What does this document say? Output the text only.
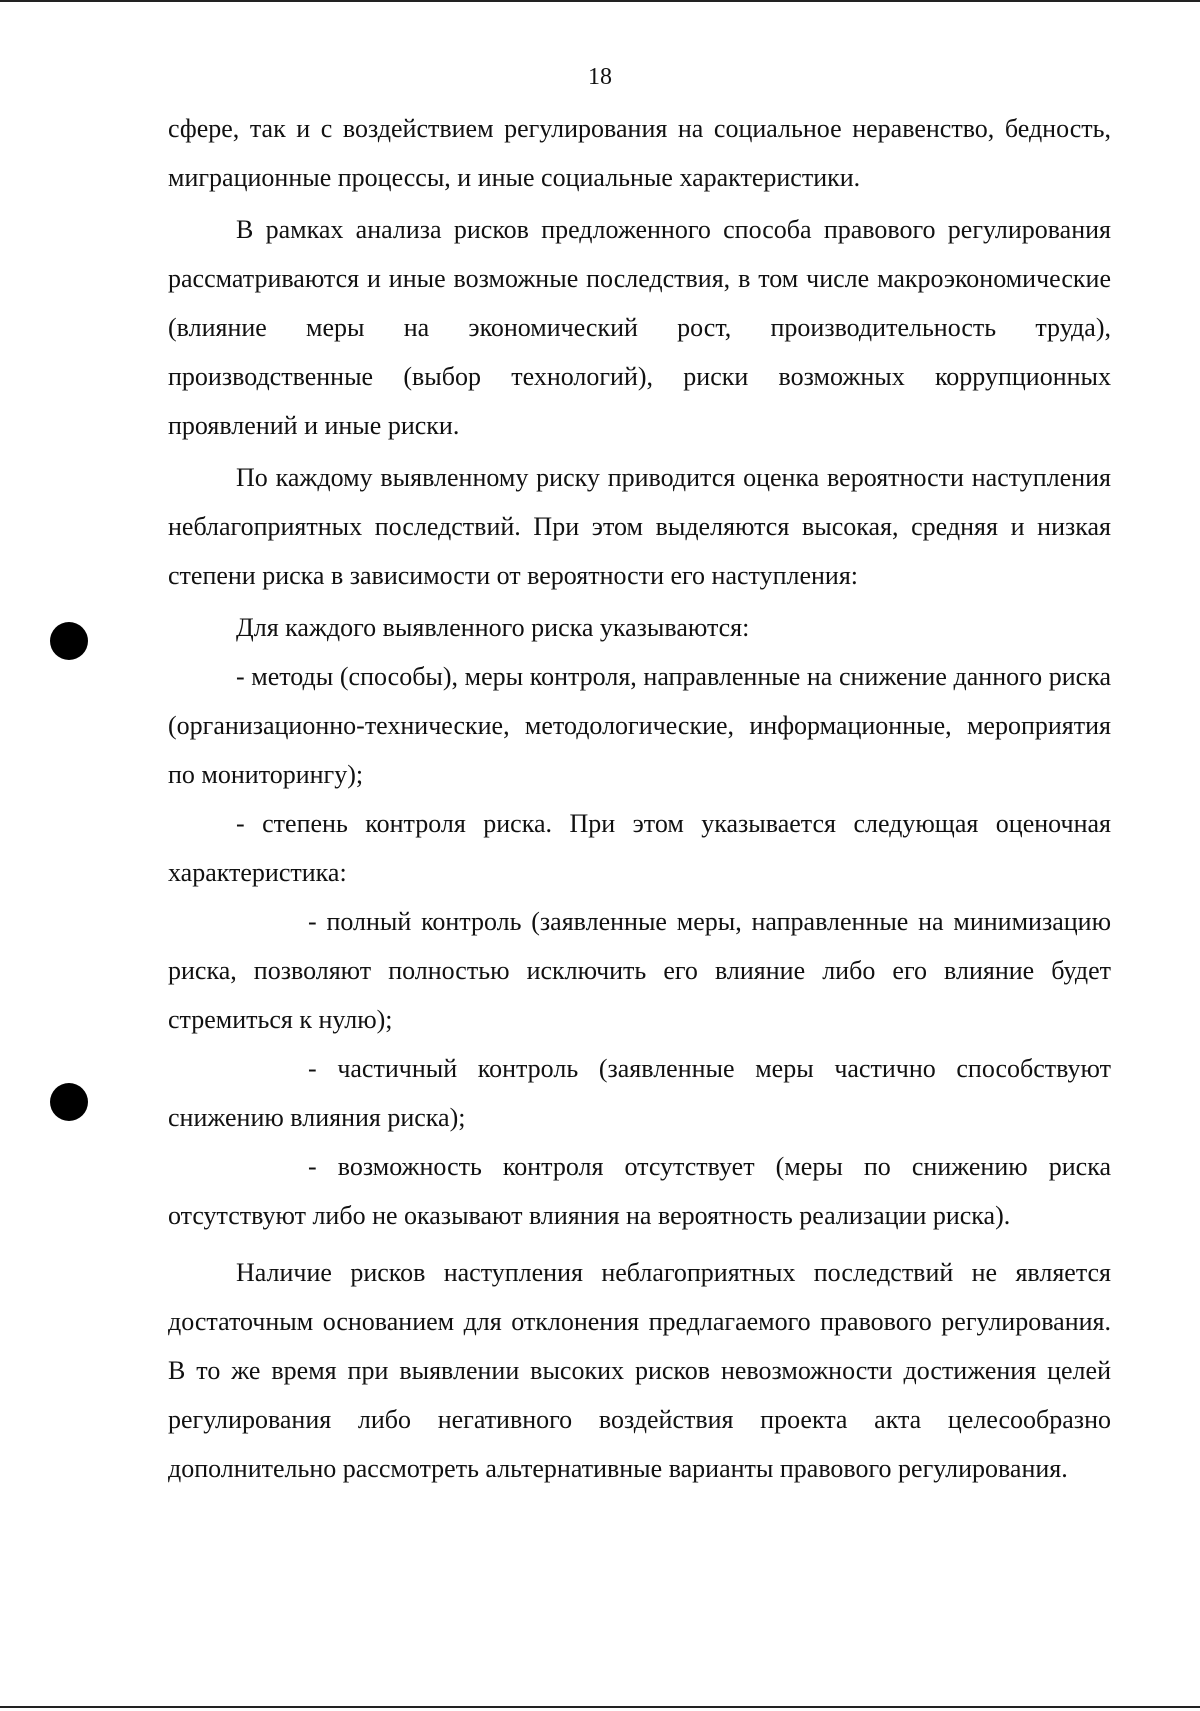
18

сфере, так и с воздействием регулирования на социальное неравенство, бедность, миграционные процессы, и иные социальные характеристики.

В рамках анализа рисков предложенного способа правового регулирования рассматриваются и иные возможные последствия, в том числе макроэкономические (влияние меры на экономический рост, производительность труда), производственные (выбор технологий), риски возможных коррупционных проявлений и иные риски.

По каждому выявленному риску приводится оценка вероятности наступления неблагоприятных последствий. При этом выделяются высокая, средняя и низкая степени риска в зависимости от вероятности его наступления:

Для каждого выявленного риска указываются:

- методы (способы), меры контроля, направленные на снижение данного риска (организационно-технические, методологические, информационные, мероприятия по мониторингу);

- степень контроля риска. При этом указывается следующая оценочная характеристика:

- полный контроль (заявленные меры, направленные на минимизацию риска, позволяют полностью исключить его влияние либо его влияние будет стремиться к нулю);

- частичный контроль (заявленные меры частично способствуют снижению влияния риска);

- возможность контроля отсутствует (меры по снижению риска отсутствуют либо не оказывают влияния на вероятность реализации риска).

Наличие рисков наступления неблагоприятных последствий не является достаточным основанием для отклонения предлагаемого правового регулирования. В то же время при выявлении высоких рисков невозможности достижения целей регулирования либо негативного воздействия проекта акта целесообразно дополнительно рассмотреть альтернативные варианты правового регулирования.
